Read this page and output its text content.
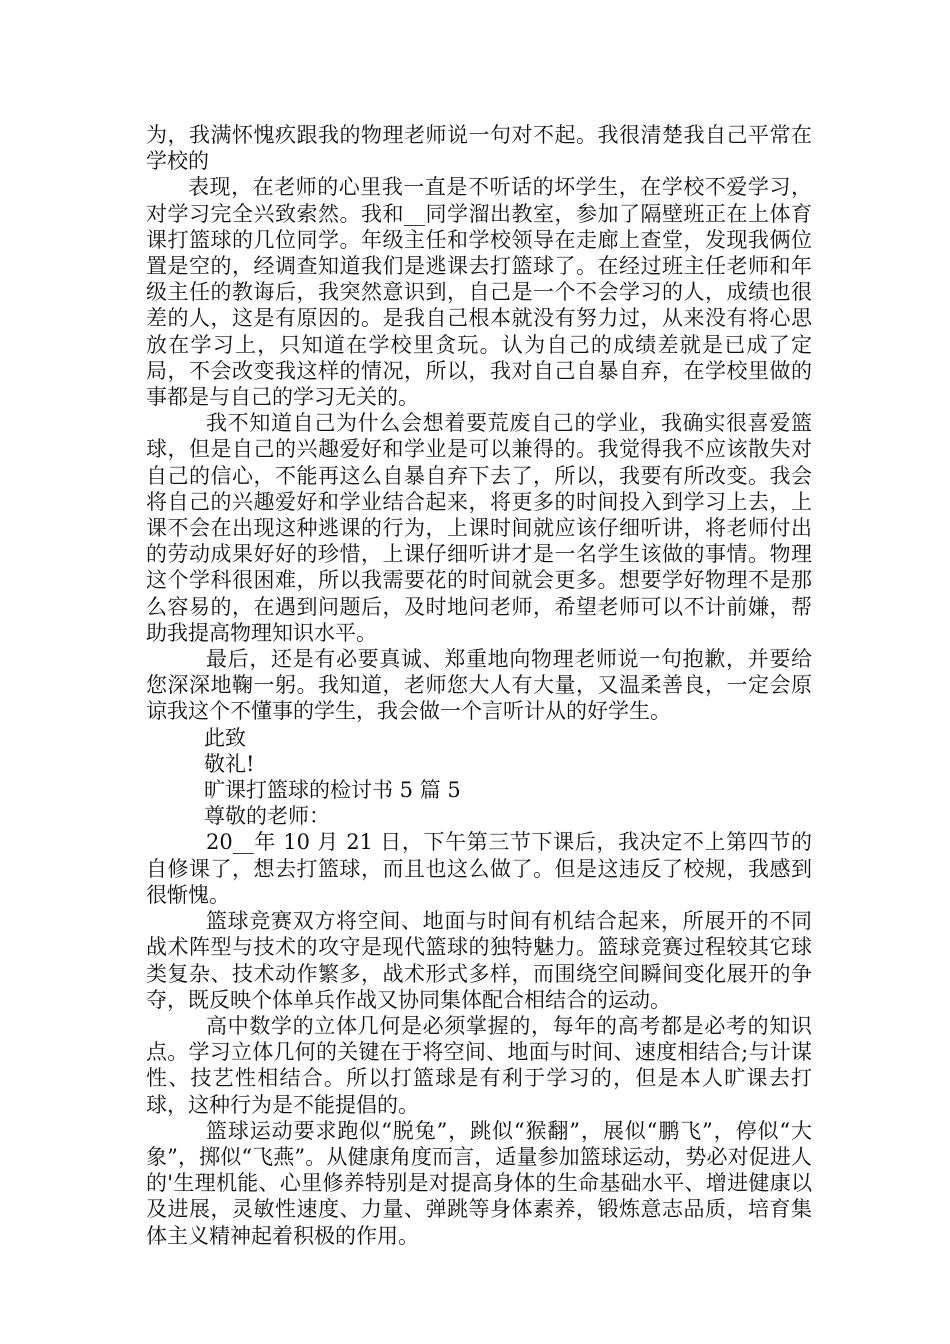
为，我满怀愧疚跟我的物理老师说一句对不起。我很清楚我自己平常在学校的

表现，在老师的心里我一直是不听话的坏学生，在学校不爱学习，对学习完全兴致索然。我和__同学溜出教室，参加了隔壁班正在上体育课打篮球的几位同学。年级主任和学校领导在走廊上查堂，发现我俩位置是空的，经调查知道我们是逃课去打篮球了。在经过班主任老师和年级主任的教诲后，我突然意识到，自己是一个不会学习的人，成绩也很差的人，这是有原因的。是我自己根本就没有努力过，从来没有将心思放在学习上，只知道在学校里贪玩。认为自己的成绩差就是已成了定局，不会改变我这样的情况，所以，我对自己自暴自弃，在学校里做的事都是与自己的学习无关的。

我不知道自己为什么会想着要荒废自己的学业，我确实很喜爱篮球，但是自己的兴趣爱好和学业是可以兼得的。我觉得我不应该散失对自己的信心，不能再这么自暴自弃下去了，所以，我要有所改变。我会将自己的兴趣爱好和学业结合起来，将更多的时间投入到学习上去，上课不会在出现这种逃课的行为，上课时间就应该仔细听讲，将老师付出的劳动成果好好的珍惜，上课仔细听讲才是一名学生该做的事情。物理这个学科很困难，所以我需要花的时间就会更多。想要学好物理不是那么容易的，在遇到问题后，及时地问老师，希望老师可以不计前嫌，帮助我提高物理知识水平。

最后，还是有必要真诚、郑重地向物理老师说一句抱歉，并要给您深深地鞠一躬。我知道，老师您大人有大量，又温柔善良，一定会原谅我这个不懂事的学生，我会做一个言听计从的好学生。

此致

敬礼!

旷课打篮球的检讨书 5 篇 5

尊敬的老师：

20__年 10 月 21 日，下午第三节下课后，我决定不上第四节的自修课了，想去打篮球，而且也这么做了。但是这违反了校规，我感到很惭愧。

篮球竞赛双方将空间、地面与时间有机结合起来，所展开的不同战术阵型与技术的攻守是现代篮球的独特魅力。篮球竞赛过程较其它球类复杂、技术动作繁多，战术形式多样，而围绕空间瞬间变化展开的争夺，既反映个体单兵作战又协同集体配合相结合的运动。

高中数学的立体几何是必须掌握的，每年的高考都是必考的知识点。学习立体几何的关键在于将空间、地面与时间、速度相结合;与计谋性、技艺性相结合。所以打篮球是有利于学习的，但是本人旷课去打球，这种行为是不能提倡的。

篮球运动要求跑似“脱兔”，跳似“猴翻”，展似“鹏飞”，停似“大象”，掷似“飞燕”。从健康角度而言，适量参加篮球运动，势必对促进人的'生理机能、心里修养特别是对提高身体的生命基础水平、增进健康以及进展，灵敏性速度、力量、弹跳等身体素养，锻炼意志品质，培育集体主义精神起着积极的作用。
